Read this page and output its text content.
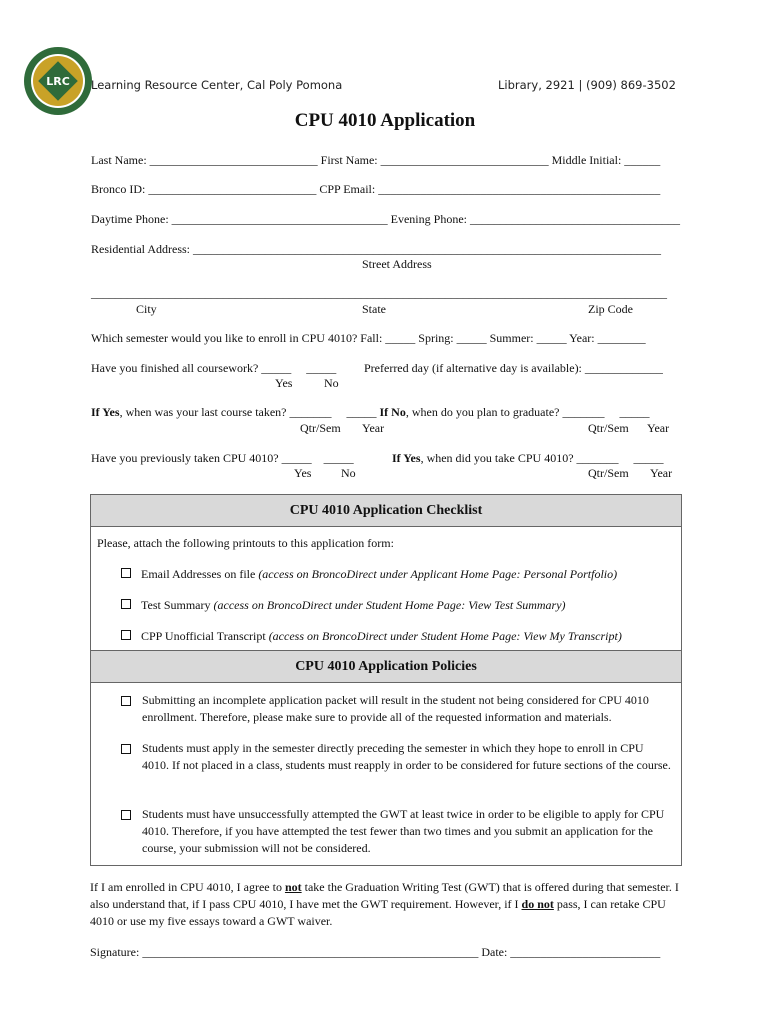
LRC Learning Resource Center, Cal Poly Pomona	Library, 2921 | (909) 869-3502
CPU 4010 Application
Last Name: ____________________________ First Name: ____________________________ Middle Initial: ______
Bronco ID: ____________________________ CPP Email: _______________________________________________
Daytime Phone: ____________________________________ Evening Phone: ___________________________________
Residential Address: ______________________________________________________________________________
Street Address
________________________________________________________________________________________________
City	State	Zip Code
Which semester would you like to enroll in CPU 4010? Fall: _____ Spring: _____ Summer: _____ Year: ________
Have you finished all coursework? _____     _____ Preferred day (if alternative day is available): _____________
Yes	No
If Yes, when was your last course taken? _______     _____ If No, when do you plan to graduate? _______     _____
Qtr/Sem Year	Qtr/Sem Year
Have you previously taken CPU 4010? _____    _____	If Yes, when did you take CPU 4010? _______     _____
Yes No	Qtr/Sem Year
CPU 4010 Application Checklist
Please, attach the following printouts to this application form:
Email Addresses on file (access on BroncoDirect under Applicant Home Page: Personal Portfolio)
Test Summary (access on BroncoDirect under Student Home Page: View Test Summary)
CPP Unofficial Transcript (access on BroncoDirect under Student Home Page: View My Transcript)
CPU 4010 Application Policies
Submitting an incomplete application packet will result in the student not being considered for CPU 4010 enrollment. Therefore, please make sure to provide all of the requested information and materials.
Students must apply in the semester directly preceding the semester in which they hope to enroll in CPU 4010. If not placed in a class, students must reapply in order to be considered for future sections of the course.
Students must have unsuccessfully attempted the GWT at least twice in order to be eligible to apply for CPU 4010. Therefore, if you have attempted the test fewer than two times and you submit an application for the course, your submission will not be considered.
If I am enrolled in CPU 4010, I agree to not take the Graduation Writing Test (GWT) that is offered during that semester. I also understand that, if I pass CPU 4010, I have met the GWT requirement. However, if I do not pass, I can retake CPU 4010 or use my five essays toward a GWT waiver.
Signature: ________________________________________________________ Date: _________________________
